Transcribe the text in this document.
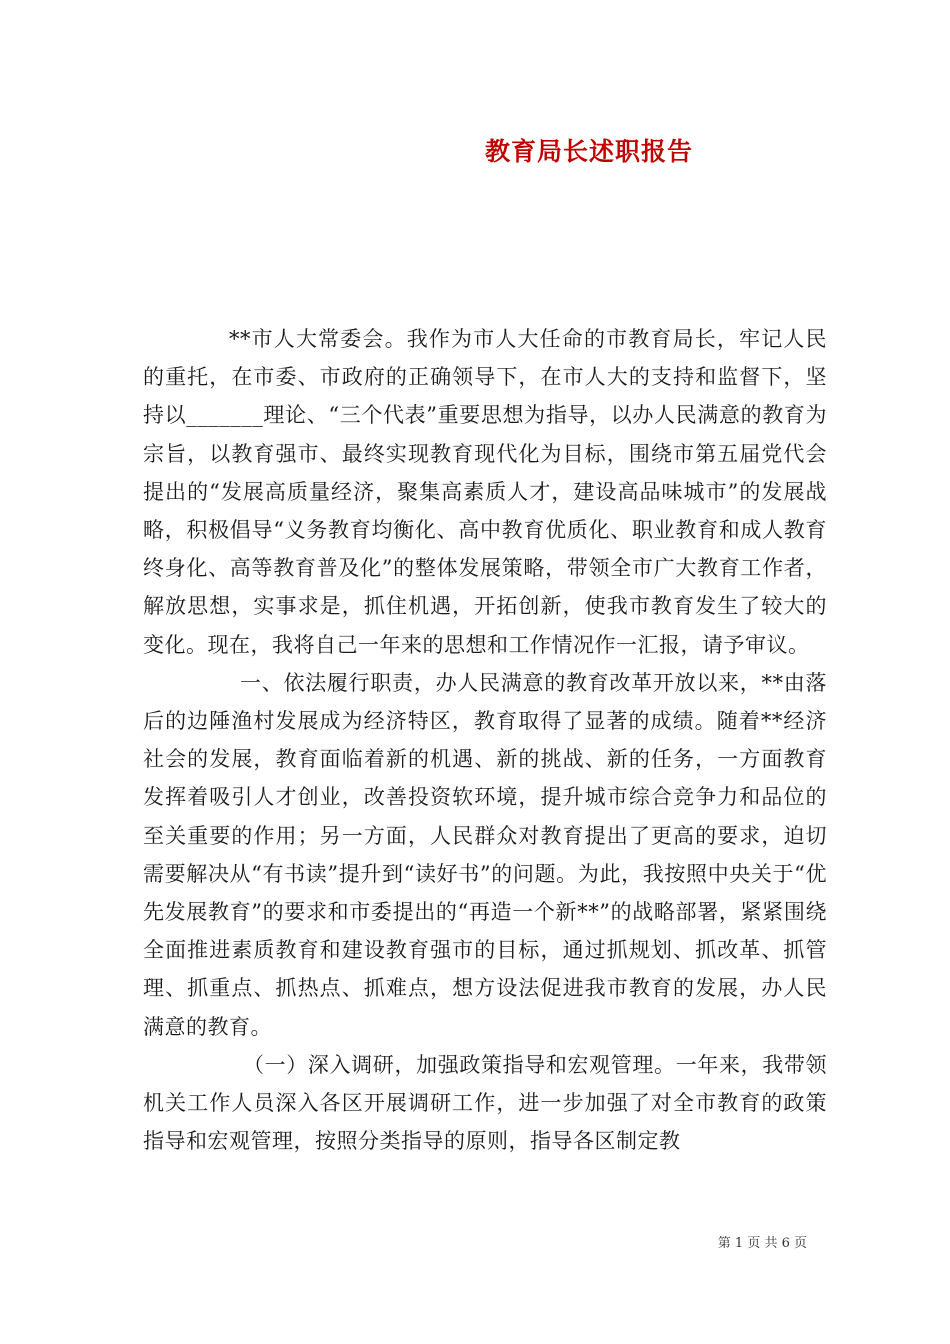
教育局长述职报告

**市人大常委会。我作为市人大任命的市教育局长，牢记人民的重托，在市委、市政府的正确领导下，在市人大的支持和监督下，坚持以_______理论、“三个代表”重要思想为指导，以办人民满意的教育为宗旨，以教育强市、最终实现教育现代化为目标，围绕市第五届党代会提出的“发展高质量经济，聚集高素质人才，建设高品味城市”的发展战略，积极倡导“义务教育均衡化、高中教育优质化、职业教育和成人教育终身化、高等教育普及化”的整体发展策略，带领全市广大教育工作者，解放思想，实事求是，抓住机遇，开拓创新，使我市教育发生了较大的变化。现在，我将自己一年来的思想和工作情况作一汇报，请予审议。

一、依法履行职责，办人民满意的教育改革开放以来，**由落后的边陲渔村发展成为经济特区，教育取得了显著的成绩。随着**经济社会的发展，教育面临着新的机遇、新的挑战、新的任务，一方面教育发挥着吸引人才创业，改善投资软环境，提升城市综合竞争力和品位的至关重要的作用；另一方面，人民群众对教育提出了更高的要求，迫切需要解决从“有书读”提升到“读好书”的问题。为此，我按照中央关于“优先发展教育”的要求和市委提出的“再造一个新**”的战略部署，紧紧围绕全面推进素质教育和建设教育强市的目标，通过抓规划、抓改革、抓管理、抓重点、抓热点、抓难点，想方设法促进我市教育的发展，办人民满意的教育。

（一）深入调研，加强政策指导和宏观管理。一年来，我带领机关工作人员深入各区开展调研工作，进一步加强了对全市教育的政策指导和宏观管理，按照分类指导的原则，指导各区制定教

第 1 页 共 6 页
